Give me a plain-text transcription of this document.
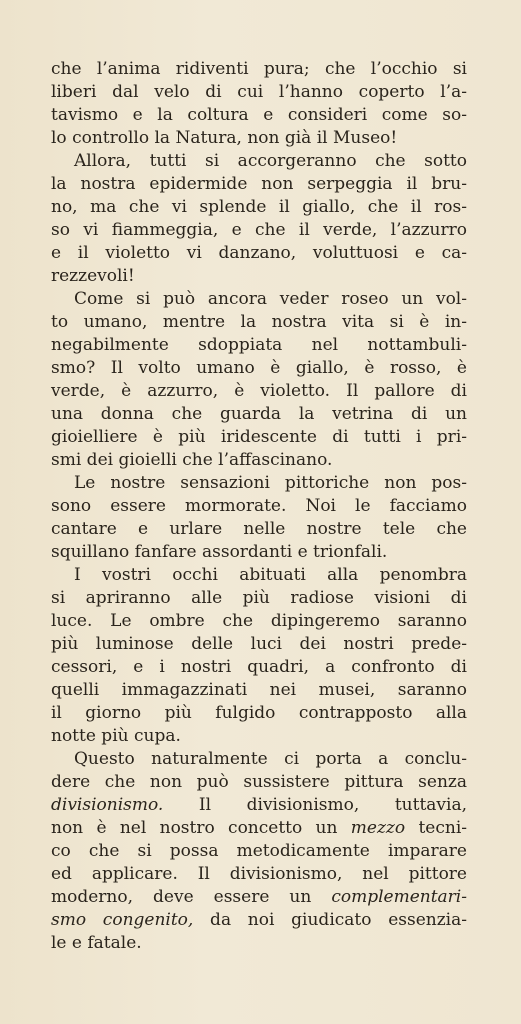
che l’anima ridiventi pura; che l’occhio si
liberi dal velo di cui l’hanno coperto l’a-
tavismo e la coltura e consideri come so-
lo controllo la Natura, non già il Museo!
Allora, tutti si accorgeranno che sotto
la nostra epidermide non serpeggia il bru-
no, ma che vi splende il giallo, che il ros-
so vi fiammeggia, e che il verde, l’azzurro
e il violetto vi danzano, voluttuosi e ca-
rezzevoli!
Come si può ancora veder roseo un vol-
to umano, mentre la nostra vita si è in-
negabilmente sdoppiata nel nottambuli-
smo? Il volto umano è giallo, è rosso, è
verde, è azzurro, è violetto. Il pallore di
una donna che guarda la vetrina di un
gioielliere è più iridescente di tutti i pri-
smi dei gioielli che l’affascinano.
Le nostre sensazioni pittoriche non pos-
sono essere mormorate. Noi le facciamo
cantare e urlare nelle nostre tele che
squillano fanfare assordanti e trionfali.
I vostri occhi abituati alla penombra
si apriranno alle più radiose visioni di
luce. Le ombre che dipingeremo saranno
più luminose delle luci dei nostri prede-
cessori, e i nostri quadri, a confronto di
quelli immagazzinati nei musei, saranno
il giorno più fulgido contrapposto alla
notte più cupa.
Questo naturalmente ci porta a conclu-
dere che non può sussistere pittura senza
divisionismo. Il divisionismo, tuttavia,
non è nel nostro concetto un mezzo tecni-
co che si possa metodicamente imparare
ed applicare. Il divisionismo, nel pittore
moderno, deve essere un complementari-
smo congenito, da noi giudicato essenzia-
le e fatale.
